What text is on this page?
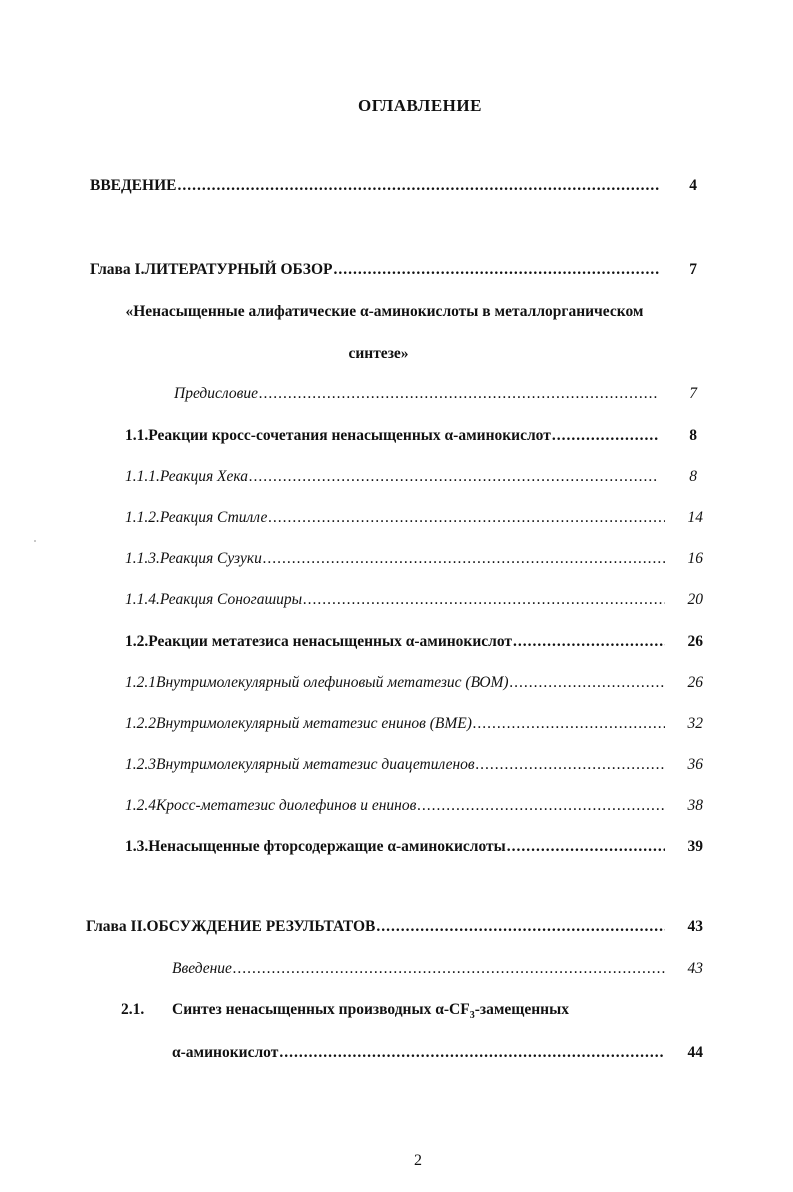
ОГЛАВЛЕНИЕ
ВВЕДЕНИЕ .....	4
Глава I. ЛИТЕРАТУРНЫЙ ОБЗОР .....	7
«Ненасыщенные алифатические α-аминокислоты в металлорганическом
синтезе»
Предисловие .....	7
1.1. Реакции кросс-сочетания ненасыщенных α-аминокислот .....	8
1.1.1. Реакция Хека .....	8
1.1.2. Реакция Стилле .....	14
1.1.3. Реакция Сузуки .....	16
1.1.4. Реакция Соногаширы .....	20
1.2. Реакции метатезиса ненасыщенных α-аминокислот .....	26
1.2.1 Внутримолекулярный олефиновый метатезис (ВОМ) .....	26
1.2.2 Внутримолекулярный метатезис енинов (ВМЕ) .....	32
1.2.3 Внутримолекулярный метатезис диацетиленов .....	36
1.2.4 Кросс-метатезис диолефинов и енинов .....	38
1.3. Ненасыщенные фторсодержащие α-аминокислоты .....	39
Глава II. ОБСУЖДЕНИЕ РЕЗУЛЬТАТОВ .....	43
Введение .....	43
2.1.	Синтез ненасыщенных производных $\alpha-CF_3$-замещенных
α-аминокислот .....	44
2
